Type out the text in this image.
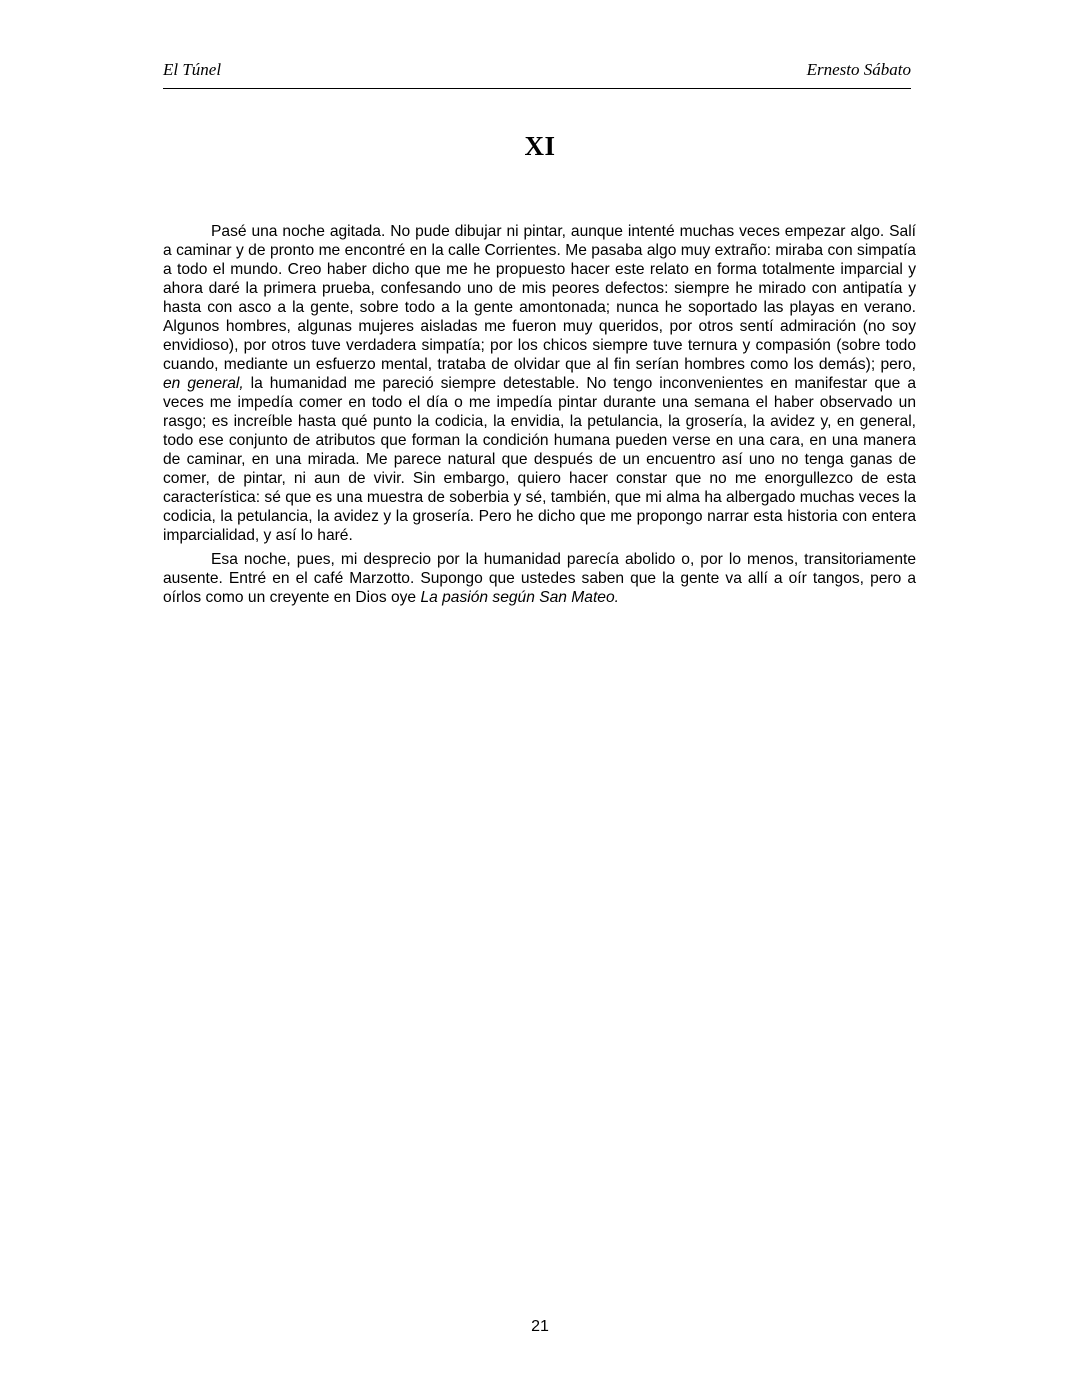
El Túnel	Ernesto Sábato
XI

Pasé una noche agitada. No pude dibujar ni pintar, aunque intenté muchas veces empezar algo. Salí a caminar y de pronto me encontré en la calle Corrientes. Me pasaba algo muy extraño: miraba con simpatía a todo el mundo. Creo haber dicho que me he propuesto hacer este relato en forma totalmente imparcial y ahora daré la primera prueba, confesando uno de mis peores defectos: siempre he mirado con antipatía y hasta con asco a la gente, sobre todo a la gente amontonada; nunca he soportado las playas en verano. Algunos hombres, algunas mujeres aisladas me fueron muy queridos, por otros sentí admiración (no soy envidioso), por otros tuve verdadera simpatía; por los chicos siempre tuve ternura y compasión (sobre todo cuando, mediante un esfuerzo mental, trataba de olvidar que al fin serían hombres como los demás); pero, en general, la humanidad me pareció siempre detestable. No tengo inconvenientes en manifestar que a veces me impedía comer en todo el día o me impedía pintar durante una semana el haber observado un rasgo; es increíble hasta qué punto la codicia, la envidia, la petulancia, la grosería, la avidez y, en general, todo ese conjunto de atributos que forman la condición humana pueden verse en una cara, en una manera de caminar, en una mirada. Me parece natural que después de un encuentro así uno no tenga ganas de comer, de pintar, ni aun de vivir. Sin embargo, quiero hacer constar que no me enorgullezco de esta característica: sé que es una muestra de soberbia y sé, también, que mi alma ha albergado muchas veces la codicia, la petulancia, la avidez y la grosería. Pero he dicho que me propongo narrar esta historia con entera imparcialidad, y así lo haré.

Esa noche, pues, mi desprecio por la humanidad parecía abolido o, por lo menos, transitoriamente ausente. Entré en el café Marzotto. Supongo que ustedes saben que la gente va allí a oír tangos, pero a oírlos como un creyente en Dios oye La pasión según San Mateo.

21
